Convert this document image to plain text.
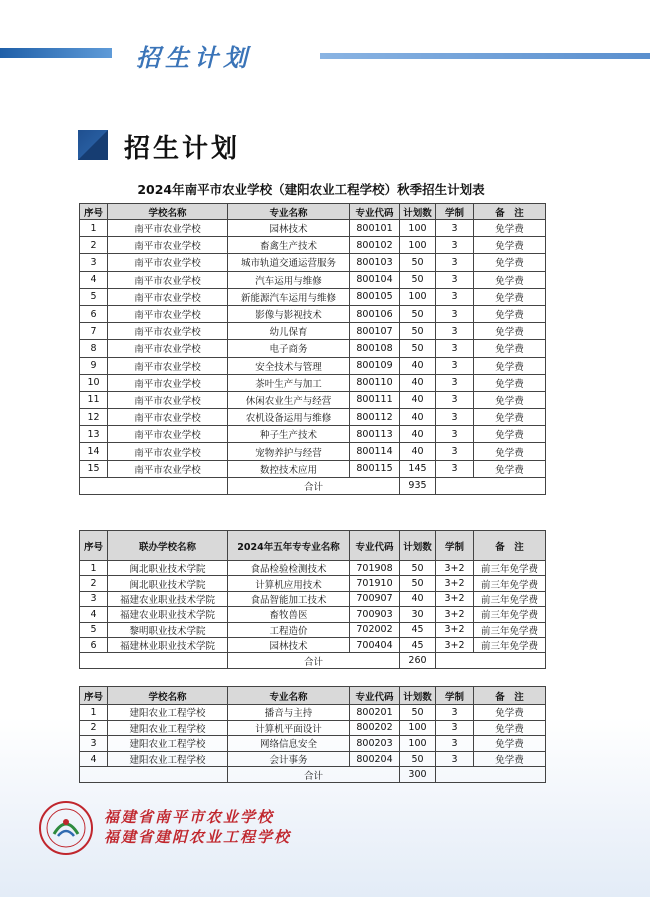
招生计划
招生计划
2024年南平市农业学校（建阳农业工程学校）秋季招生计划表
序号	学校名称	专业名称	专业代码	计划数	学制	备　注
1	南平市农业学校	园林技术	800101	100	3	免学费
2	南平市农业学校	畜禽生产技术	800102	100	3	免学费
3	南平市农业学校	城市轨道交通运营服务	800103	50	3	免学费
4	南平市农业学校	汽车运用与维修	800104	50	3	免学费
5	南平市农业学校	新能源汽车运用与维修	800105	100	3	免学费
6	南平市农业学校	影像与影视技术	800106	50	3	免学费
7	南平市农业学校	幼儿保育	800107	50	3	免学费
8	南平市农业学校	电子商务	800108	50	3	免学费
9	南平市农业学校	安全技术与管理	800109	40	3	免学费
10	南平市农业学校	茶叶生产与加工	800110	40	3	免学费
11	南平市农业学校	休闲农业生产与经营	800111	40	3	免学费
12	南平市农业学校	农机设备运用与维修	800112	40	3	免学费
13	南平市农业学校	种子生产技术	800113	40	3	免学费
14	南平市农业学校	宠物养护与经营	800114	40	3	免学费
15	南平市农业学校	数控技术应用	800115	145	3	免学费
		合计		935		
序号	联办学校名称	2024年五年专专业名称	专业代码	计划数	学制	备　注
1	闽北职业技术学院	食品检验检测技术	701908	50	3+2	前三年免学费
2	闽北职业技术学院	计算机应用技术	701910	50	3+2	前三年免学费
3	福建农业职业技术学院	食品智能加工技术	700907	40	3+2	前三年免学费
4	福建农业职业技术学院	畜牧兽医	700903	30	3+2	前三年免学费
5	黎明职业技术学院	工程造价	702002	45	3+2	前三年免学费
6	福建林业职业技术学院	园林技术	700404	45	3+2	前三年免学费
		合计		260		
序号	学校名称	专业名称	专业代码	计划数	学制	备　注
1	建阳农业工程学校	播音与主持	800201	50	3	免学费
2	建阳农业工程学校	计算机平面设计	800202	100	3	免学费
3	建阳农业工程学校	网络信息安全	800203	100	3	免学费
4	建阳农业工程学校	会计事务	800204	50	3	免学费
		合计		300		
福建省南平市农业学校
福建省建阳农业工程学校
